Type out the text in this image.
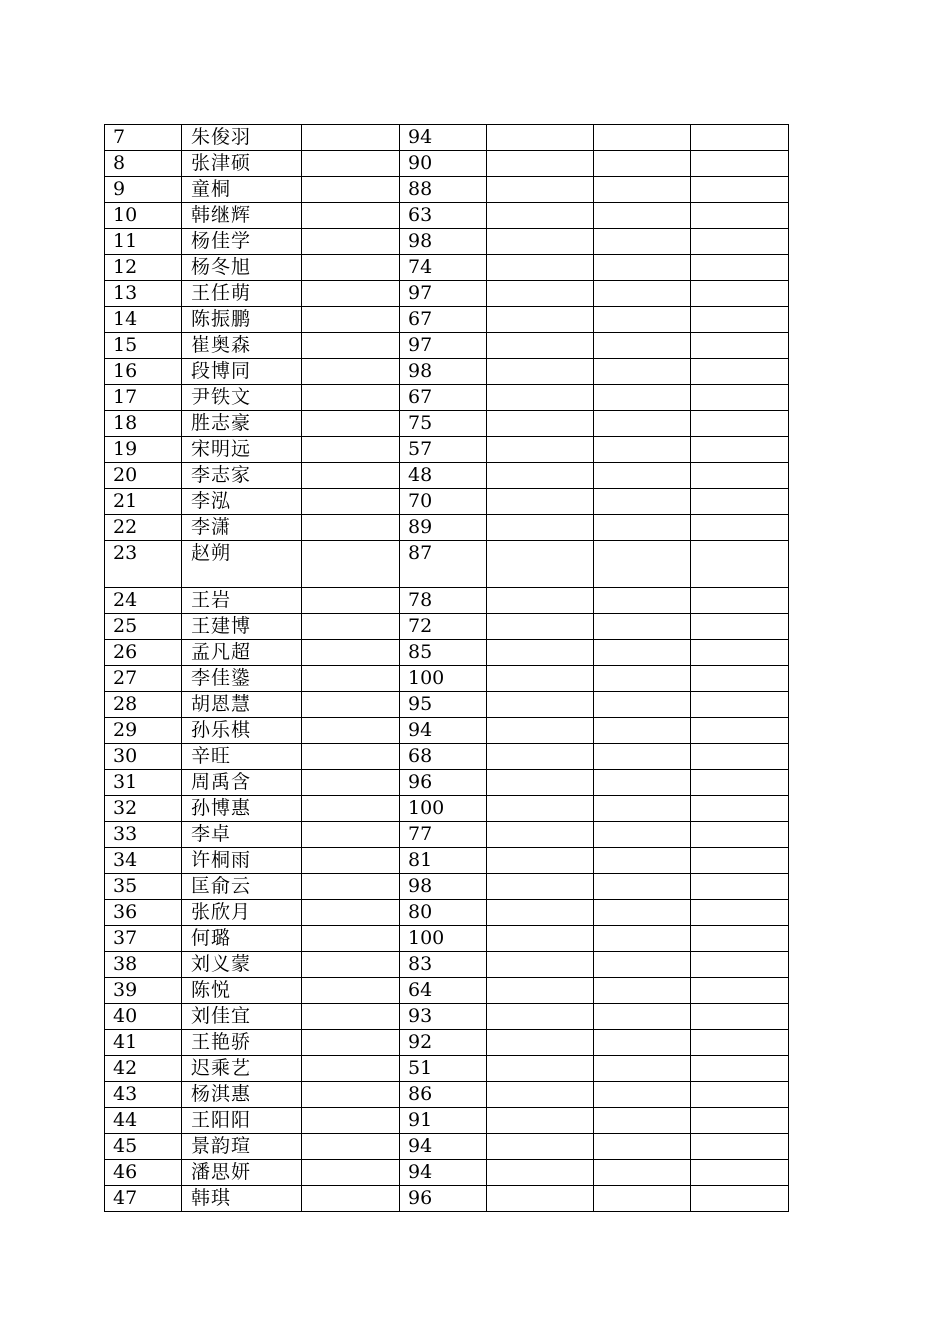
7	朱俊羽		94			
8	张津硕		90			
9	童桐		88			
10	韩继辉		63			
11	杨佳学		98			
12	杨冬旭		74			
13	王任萌		97			
14	陈振鹏		67			
15	崔奥森		97			
16	段博同		98			
17	尹铁文		67			
18	胜志豪		75			
19	宋明远		57			
20	李志家		48			
21	李泓		70			
22	李潇		89			
23	赵朔		87			
24	王岩		78			
25	王建博		72			
26	孟凡超		85			
27	李佳鍌		100			
28	胡恩慧		95			
29	孙乐棋		94			
30	辛旺		68			
31	周禹含		96			
32	孙博惠		100			
33	李卓		77			
34	许桐雨		81			
35	匡俞云		98			
36	张欣月		80			
37	何璐		100			
38	刘义蒙		83			
39	陈悦		64			
40	刘佳宜		93			
41	王艳骄		92			
42	迟乘艺		51			
43	杨淇惠		86			
44	王阳阳		91			
45	景韵瑄		94			
46	潘思妍		94			
47	韩琪		96			
